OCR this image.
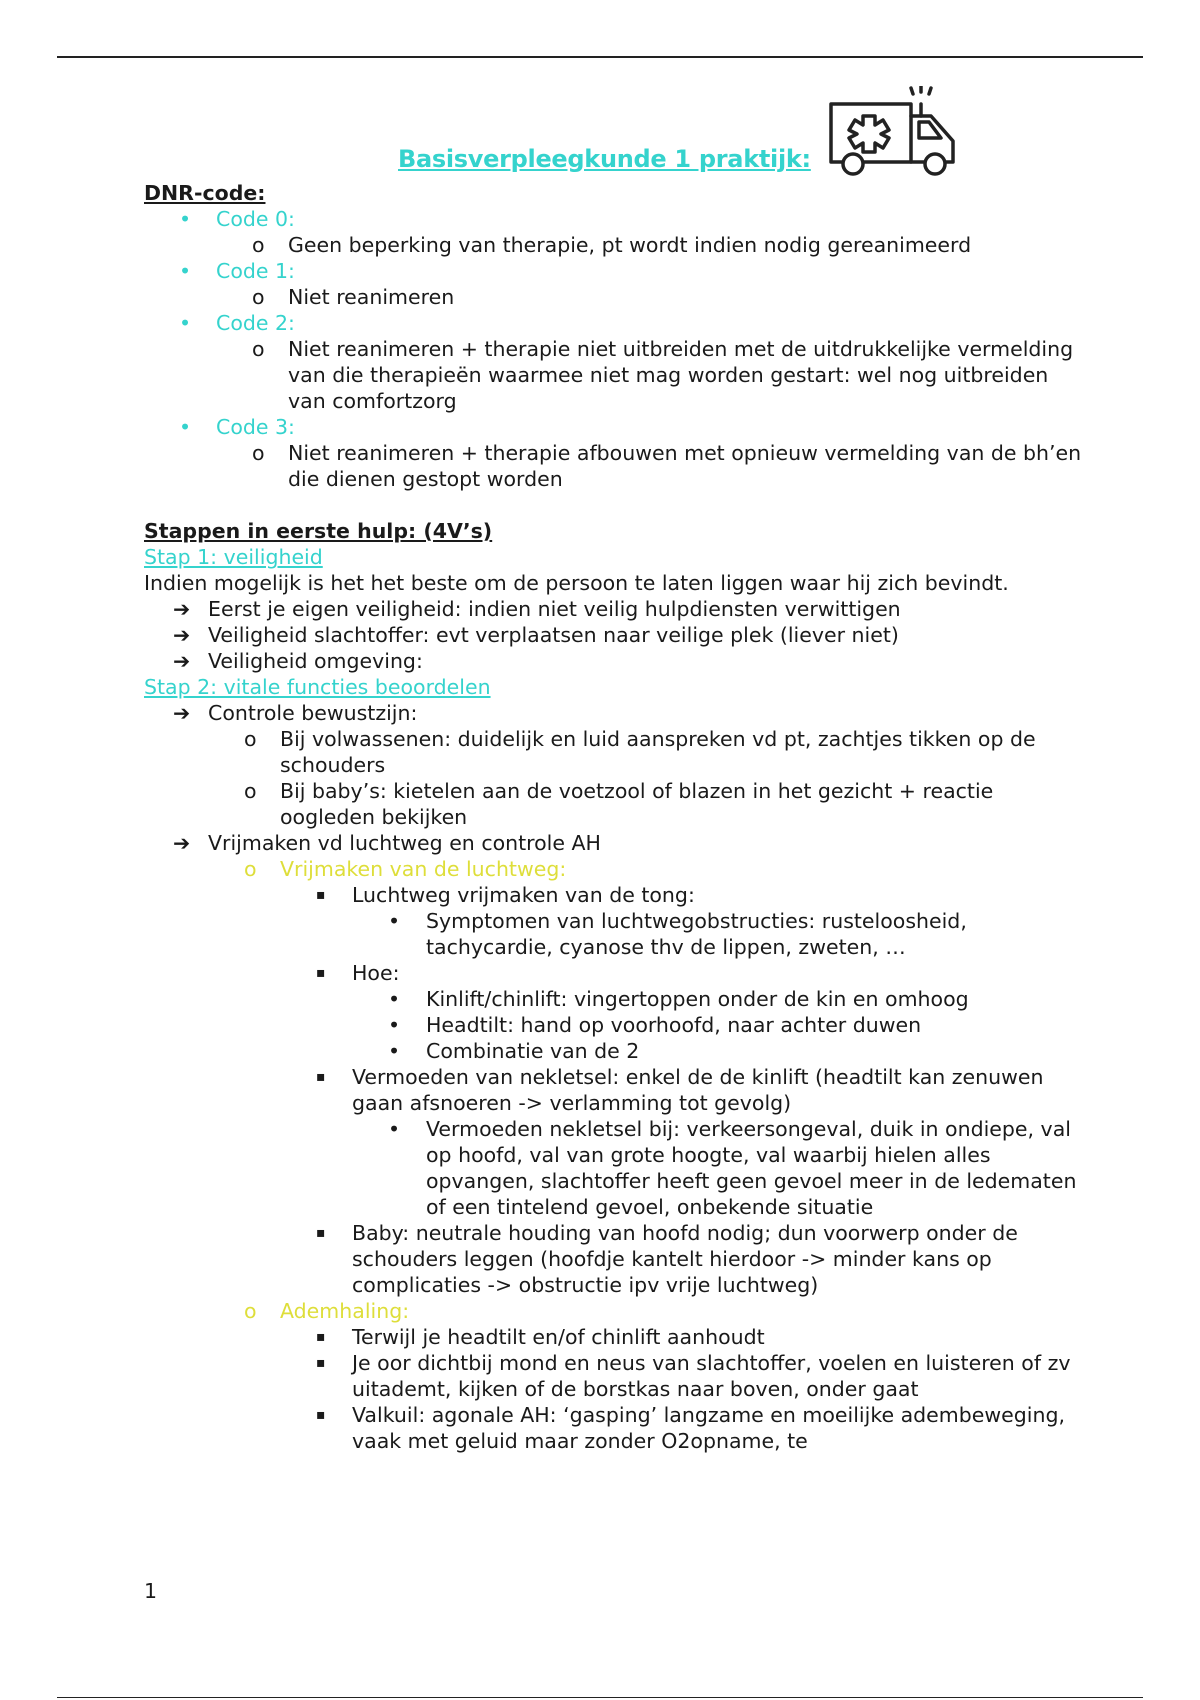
Basisverpleegkunde 1 praktijk:
DNR-code:
• Code 0:
o Geen beperking van therapie, pt wordt indien nodig gereanimeerd
• Code 1:
o Niet reanimeren
• Code 2:
o Niet reanimeren + therapie niet uitbreiden met de uitdrukkelijke vermelding van die therapieën waarmee niet mag worden gestart: wel nog uitbreiden van comfortzorg
• Code 3:
o Niet reanimeren + therapie afbouwen met opnieuw vermelding van de bh’en die dienen gestopt worden
Stappen in eerste hulp: (4V’s)
Stap 1: veiligheid
Indien mogelijk is het het beste om de persoon te laten liggen waar hij zich bevindt.
➔ Eerst je eigen veiligheid: indien niet veilig hulpdiensten verwittigen
➔ Veiligheid slachtoffer: evt verplaatsen naar veilige plek (liever niet)
➔ Veiligheid omgeving:
Stap 2: vitale functies beoordelen
➔ Controle bewustzijn:
o Bij volwassenen: duidelijk en luid aanspreken vd pt, zachtjes tikken op de schouders
o Bij baby’s: kietelen aan de voetzool of blazen in het gezicht + reactie oogleden bekijken
➔ Vrijmaken vd luchtweg en controle AH
o Vrijmaken van de luchtweg:
▪ Luchtweg vrijmaken van de tong:
• Symptomen van luchtwegobstructies: rusteloosheid, tachycardie, cyanose thv de lippen, zweten, …
▪ Hoe:
• Kinlift/chinlift: vingertoppen onder de kin en omhoog
• Headtilt: hand op voorhoofd, naar achter duwen
• Combinatie van de 2
▪ Vermoeden van nekletsel: enkel de de kinlift (headtilt kan zenuwen gaan afsnoeren -> verlamming tot gevolg)
• Vermoeden nekletsel bij: verkeersongeval, duik in ondiepe, val op hoofd, val van grote hoogte, val waarbij hielen alles opvangen, slachtoffer heeft geen gevoel meer in de ledematen of een tintelend gevoel, onbekende situatie
▪ Baby: neutrale houding van hoofd nodig; dun voorwerp onder de schouders leggen (hoofdje kantelt hierdoor -> minder kans op complicaties -> obstructie ipv vrije luchtweg)
o Ademhaling:
▪ Terwijl je headtilt en/of chinlift aanhoudt
▪ Je oor dichtbij mond en neus van slachtoffer, voelen en luisteren of zv uitademt, kijken of de borstkas naar boven, onder gaat
▪ Valkuil: agonale AH: ‘gasping’ langzame en moeilijke adembeweging, vaak met geluid maar zonder O2opname, te
1
